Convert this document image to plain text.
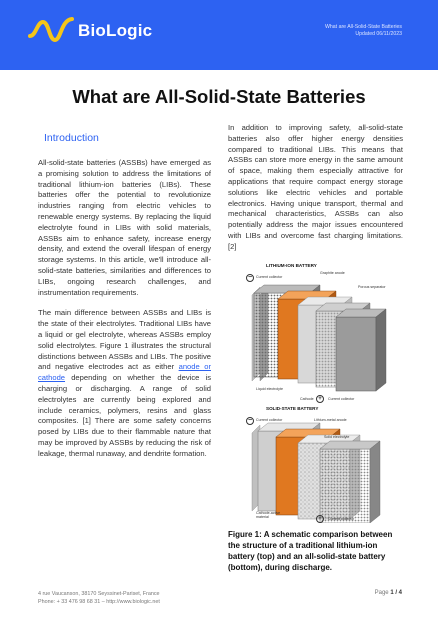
BioLogic	What are All-Solid-State Batteries
Updated 06/11/2023
What are All-Solid-State Batteries
Introduction

All-solid-state batteries (ASSBs) have emerged as a promising solution to address the limitations of traditional lithium-ion batteries (LIBs). These batteries offer the potential to revolutionize industries ranging from electric vehicles to renewable energy systems. By replacing the liquid electrolyte found in LIBs with solid materials, ASSBs aim to enhance safety, increase energy density, and extend the overall lifespan of energy storage systems. In this article, we'll introduce all-solid-state batteries, similarities and differences to LIBs, ongoing research challenges, and instrumentation requirements.

The main difference between ASSBs and LIBs is the state of their electrolytes. Traditional LIBs have a liquid or gel electrolyte, whereas ASSBs employ solid electrolytes. Figure 1 illustrates the structural distinctions between ASSBs and LIBs. The positive and negative electrodes act as either anode or cathode depending on whether the device is charging or discharging. A range of solid electrolytes are currently being explored and include ceramics, polymers, resins and glass composites. [1] There are some safety concerns posed by LIBs due to their flammable nature that may be improved by ASSBs by reducing the risk of leakage, thermal runaway, and dendrite formation.

In addition to improving safety, all-solid-state batteries also offer higher energy densities compared to traditional LIBs. This means that ASSBs can store more energy in the same amount of space, making them especially attractive for applications that require compact energy storage solutions like electric vehicles and portable electronics. Having unique transport, thermal and mechanical characteristics, ASSBs can also potentially address the major issues encountered with LIBs and overcome fast charging limitations. [2]

LITHIUM-ION BATTERY
−	Current collector
Graphite anode
Porous separator
Liquid electrolyte
Cathode +	Current collector
SOLID-STATE BATTERY
−	Current collector	Lithium-metal anode
Solid electrolyte
Cathode-active material	+	Current collector

Figure 1: A schematic comparison between the structure of a traditional lithium-ion battery (top) and an all-solid-state battery (bottom), during discharge.

4 rue Vaucanson, 38170 Seyssinet-Pariset, France
Phone: + 33 476 98 68 31 – http://www.biologic.net
Page 1 / 4
